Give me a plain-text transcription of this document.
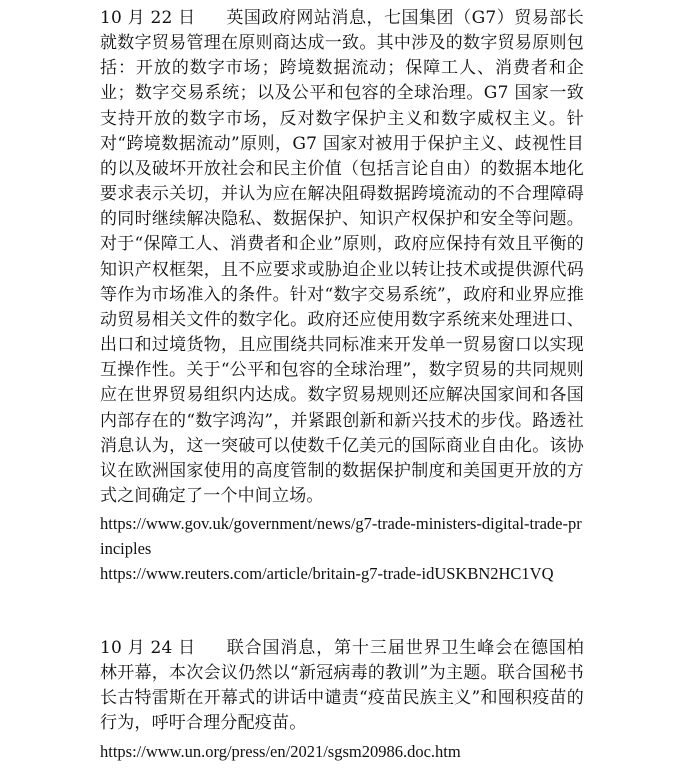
10 月 22 日 英国政府网站消息，七国集团（G7）贸易部长就数字贸易管理在原则商达成一致。其中涉及的数字贸易原则包括：开放的数字市场；跨境数据流动；保障工人、消费者和企业；数字交易系统；以及公平和包容的全球治理。G7 国家一致支持开放的数字市场，反对数字保护主义和数字威权主义。针对“跨境数据流动”原则，G7 国家对被用于保护主义、歧视性目的以及破坏开放社会和民主价值（包括言论自由）的数据本地化要求表示关切，并认为应在解决阻碍数据跨境流动的不合理障碍的同时继续解决隐私、数据保护、知识产权保护和安全等问题。对于“保障工人、消费者和企业”原则，政府应保持有效且平衡的知识产权框架，且不应要求或胁迫企业以转让技术或提供源代码等作为市场准入的条件。针对“数字交易系统”，政府和业界应推动贸易相关文件的数字化。政府还应使用数字系统来处理进口、出口和过境货物，且应围绕共同标准来开发单一贸易窗口以实现互操作性。关于“公平和包容的全球治理”，数字贸易的共同规则应在世界贸易组织内达成。数字贸易规则还应解决国家间和各国内部存在的“数字鸿沟”，并紧跟创新和新兴技术的步伐。路透社消息认为，这一突破可以使数千亿美元的国际商业自由化。该协议在欧洲国家使用的高度管制的数据保护制度和美国更开放的方式之间确定了一个中间立场。

https://www.gov.uk/government/news/g7-trade-ministers-digital-trade-principles

https://www.reuters.com/article/britain-g7-trade-idUSKBN2HC1VQ

10 月 24 日 联合国消息，第十三届世界卫生峰会在德国柏林开幕，本次会议仍然以“新冠病毒的教训”为主题。联合国秘书长古特雷斯在开幕式的讲话中谴责“疫苗民族主义”和囤积疫苗的行为，呼吁合理分配疫苗。

https://www.un.org/press/en/2021/sgsm20986.doc.htm
